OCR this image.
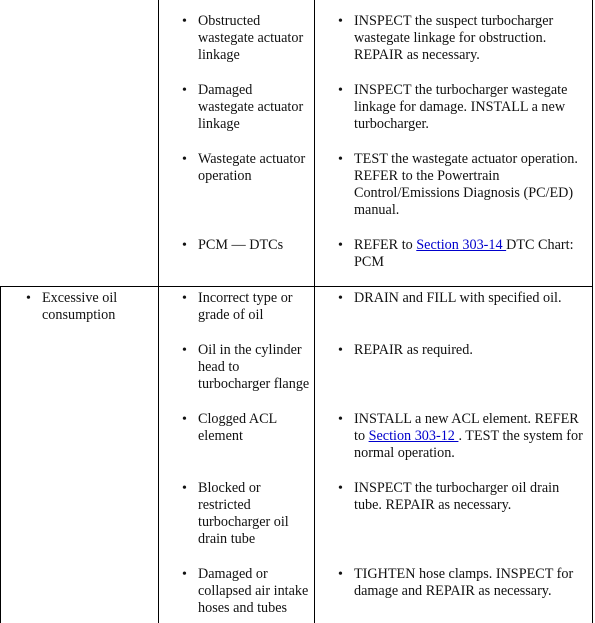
• Obstructed wastegate actuator linkage
• Damaged wastegate actuator linkage
• Wastegate actuator operation
• PCM — DTCs
• INSPECT the suspect turbocharger wastegate linkage for obstruction. REPAIR as necessary.
• INSPECT the turbocharger wastegate linkage for damage. INSTALL a new turbocharger.
• TEST the wastegate actuator operation. REFER to the Powertrain Control/Emissions Diagnosis (PC/ED) manual.
• REFER to Section 303-14 DTC Chart: PCM
• Excessive oil consumption
• Incorrect type or grade of oil
• Oil in the cylinder head to turbocharger flange
• Clogged ACL element
• Blocked or restricted turbocharger oil drain tube
• Damaged or collapsed air intake hoses and tubes
• DRAIN and FILL with specified oil.
• REPAIR as required.
• INSTALL a new ACL element. REFER to Section 303-12 . TEST the system for normal operation.
• INSPECT the turbocharger oil drain tube. REPAIR as necessary.
• TIGHTEN hose clamps. INSPECT for damage and REPAIR as necessary.
